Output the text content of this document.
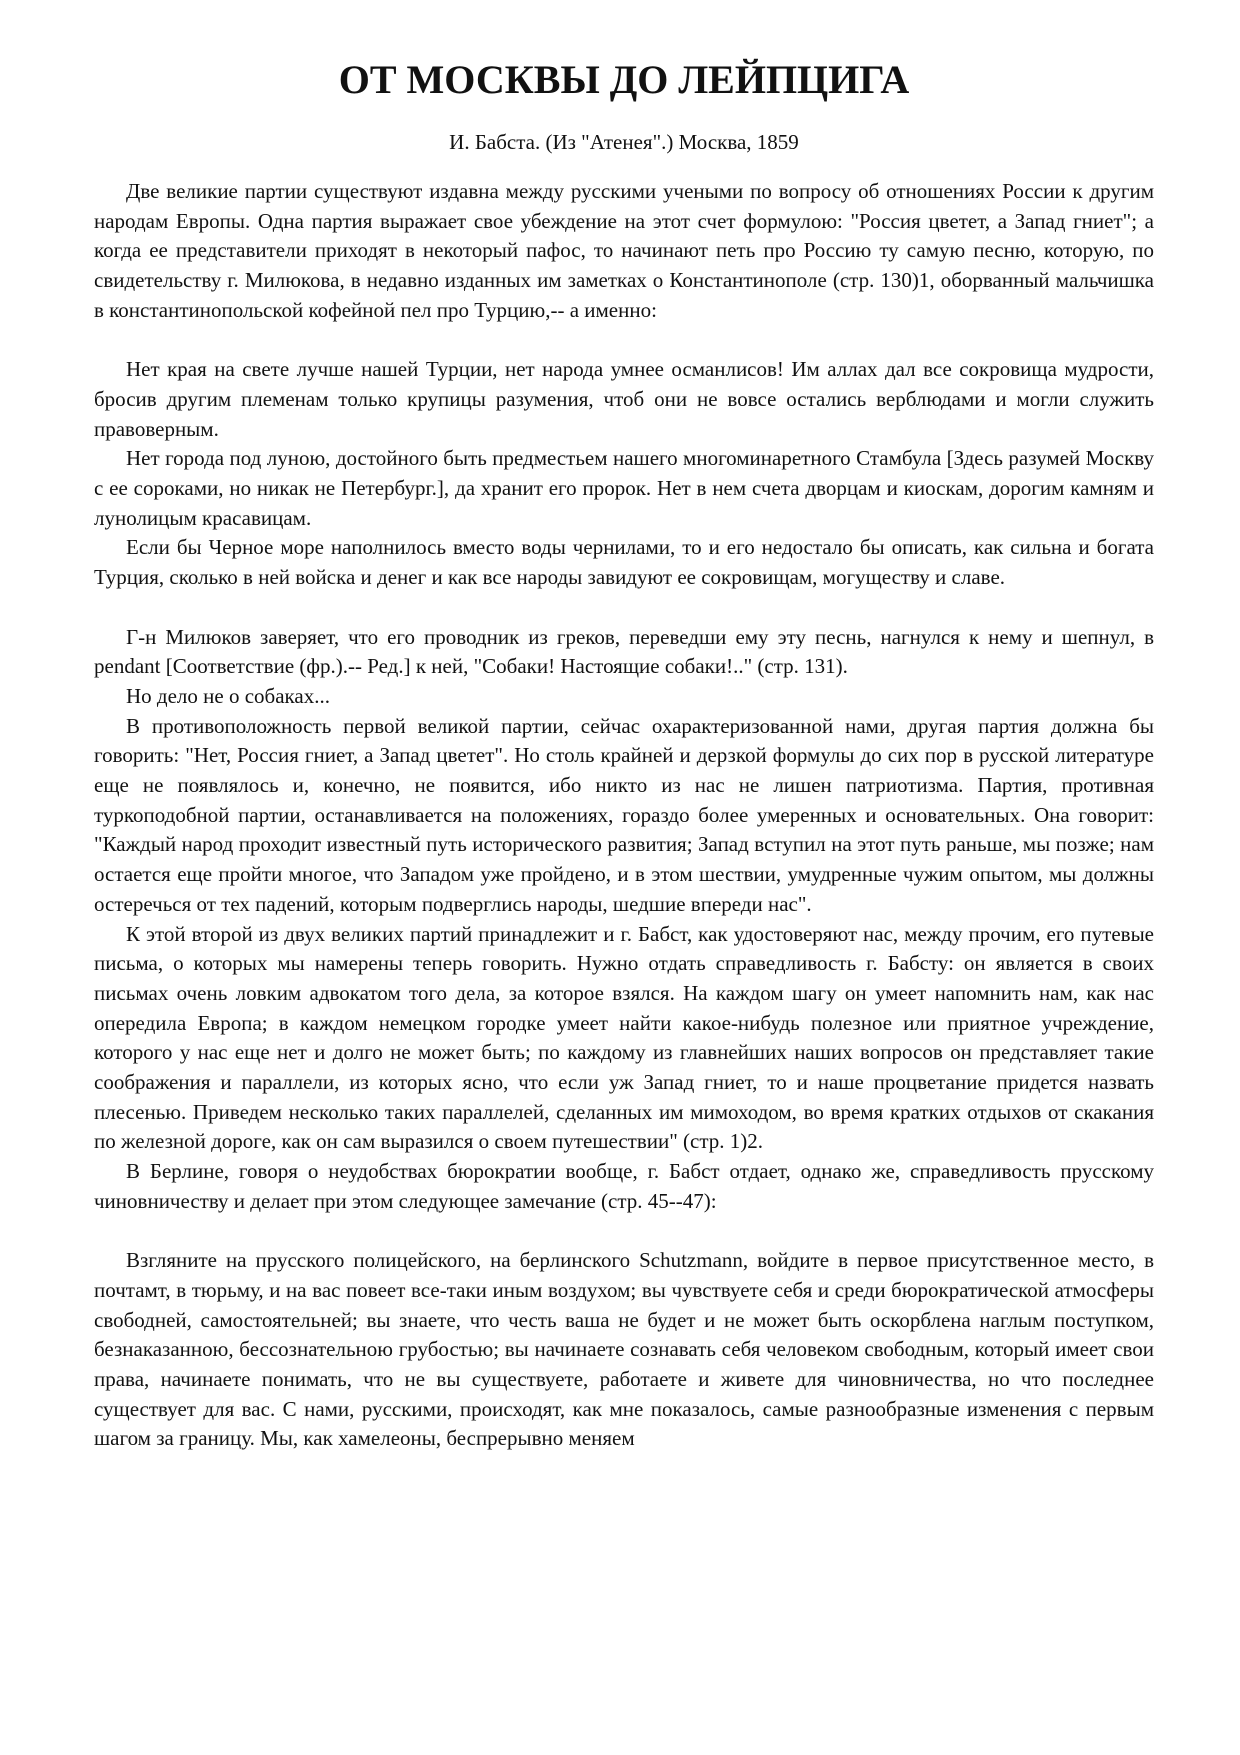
ОТ МОСКВЫ ДО ЛЕЙПЦИГА
И. Бабста. (Из "Атенея".) Москва, 1859

Две великие партии существуют издавна между русскими учеными по вопросу об отношениях России к другим народам Европы. Одна партия выражает свое убеждение на этот счет формулою: "Россия цветет, а Запад гниет"; а когда ее представители приходят в некоторый пафос, то начинают петь про Россию ту самую песню, которую, по свидетельству г. Милюкова, в недавно изданных им заметках о Константинополе (стр. 130)1, оборванный мальчишка в константинопольской кофейной пел про Турцию,-- а именно:

Нет края на свете лучше нашей Турции, нет народа умнее османлисов! Им аллах дал все сокровища мудрости, бросив другим племенам только крупицы разумения, чтоб они не вовсе остались верблюдами и могли служить правоверным.

Нет города под луною, достойного быть предместьем нашего многоминаретного Стамбула [Здесь разумей Москву с ее сороками, но никак не Петербург.], да хранит его пророк. Нет в нем счета дворцам и киоскам, дорогим камням и лунолицым красавицам.

Если бы Черное море наполнилось вместо воды чернилами, то и его недостало бы описать, как сильна и богата Турция, сколько в ней войска и денег и как все народы завидуют ее сокровищам, могуществу и славе.

Г-н Милюков заверяет, что его проводник из греков, переведши ему эту песнь, нагнулся к нему и шепнул, в pendant [Соответствие (фр.).-- Ред.] к ней, "Собаки! Настоящие собаки!.." (стр. 131).

Но дело не о собаках...

В противоположность первой великой партии, сейчас охарактеризованной нами, другая партия должна бы говорить: "Нет, Россия гниет, а Запад цветет". Но столь крайней и дерзкой формулы до сих пор в русской литературе еще не появлялось и, конечно, не появится, ибо никто из нас не лишен патриотизма. Партия, противная туркоподобной партии, останавливается на положениях, гораздо более умеренных и основательных. Она говорит: "Каждый народ проходит известный путь исторического развития; Запад вступил на этот путь раньше, мы позже; нам остается еще пройти многое, что Западом уже пройдено, и в этом шествии, умудренные чужим опытом, мы должны остеречься от тех падений, которым подверглись народы, шедшие впереди нас".

К этой второй из двух великих партий принадлежит и г. Бабст, как удостоверяют нас, между прочим, его путевые письма, о которых мы намерены теперь говорить. Нужно отдать справедливость г. Бабсту: он является в своих письмах очень ловким адвокатом того дела, за которое взялся. На каждом шагу он умеет напомнить нам, как нас опередила Европа; в каждом немецком городке умеет найти какое-нибудь полезное или приятное учреждение, которого у нас еще нет и долго не может быть; по каждому из главнейших наших вопросов он представляет такие соображения и параллели, из которых ясно, что если уж Запад гниет, то и наше процветание придется назвать плесенью. Приведем несколько таких параллелей, сделанных им мимоходом, во время кратких отдыхов от скакания по железной дороге, как он сам выразился о своем путешествии" (стр. 1)2.

В Берлине, говоря о неудобствах бюрократии вообще, г. Бабст отдает, однако же, справедливость прусскому чиновничеству и делает при этом следующее замечание (стр. 45--47):

Взгляните на прусского полицейского, на берлинского Schutzmann, войдите в первое присутственное место, в почтамт, в тюрьму, и на вас повеет все-таки иным воздухом; вы чувствуете себя и среди бюрократической атмосферы свободней, самостоятельней; вы знаете, что честь ваша не будет и не может быть оскорблена наглым поступком, безнаказанною, бессознательною грубостью; вы начинаете сознавать себя человеком свободным, который имеет свои права, начинаете понимать, что не вы существуете, работаете и живете для чиновничества, но что последнее существует для вас. С нами, русскими, происходят, как мне показалось, самые разнообразные изменения с первым шагом за границу. Мы, как хамелеоны, беспрерывно меняем
